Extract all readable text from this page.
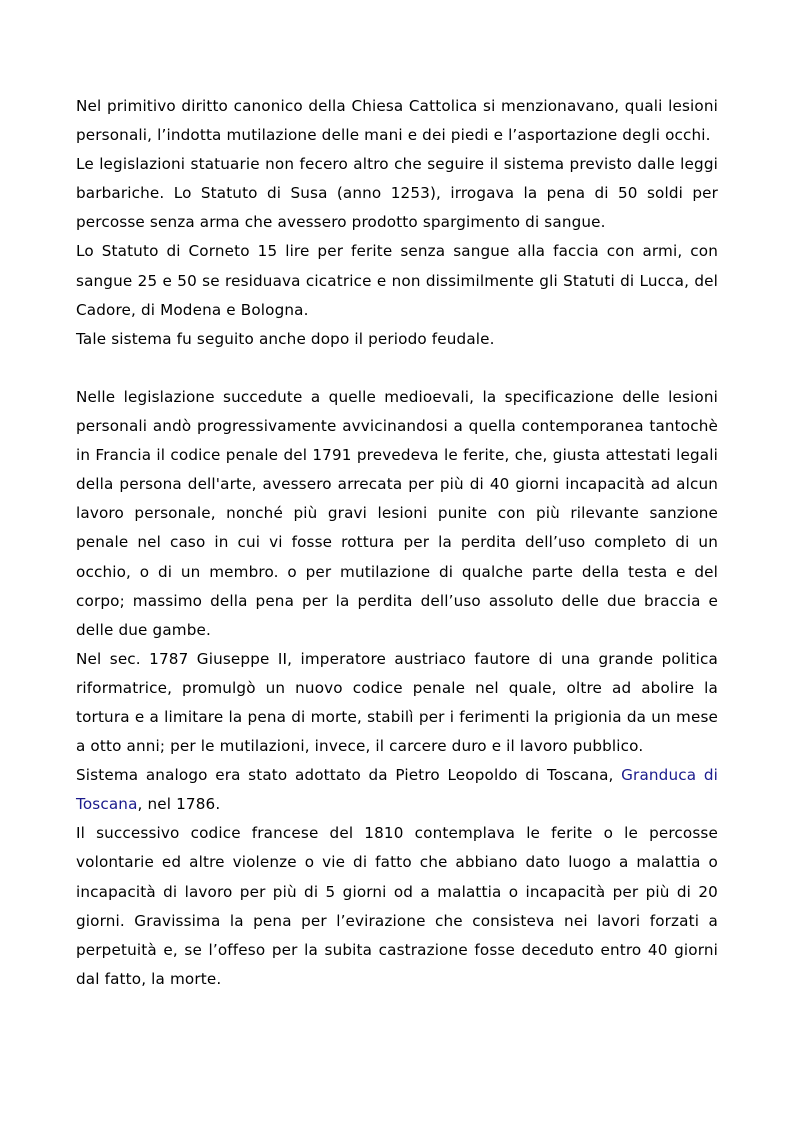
Nel primitivo diritto canonico della Chiesa Cattolica si menzionavano, quali lesioni personali, l’indotta mutilazione delle mani e dei piedi e l’asportazione degli occhi.

Le legislazioni statuarie non fecero altro che seguire il sistema previsto dalle leggi barbariche. Lo Statuto di Susa (anno 1253), irrogava la pena di 50 soldi per percosse senza arma che avessero prodotto spargimento di sangue.

Lo Statuto di Corneto 15 lire per ferite senza sangue alla faccia con armi, con sangue 25 e 50 se residuava cicatrice e non dissimilmente gli Statuti di Lucca, del Cadore, di Modena e Bologna.

Tale sistema fu seguito anche dopo il periodo feudale.

Nelle legislazione succedute a quelle medioevali, la specificazione delle lesioni personali andò progressivamente avvicinandosi a quella contemporanea tantochè in Francia il codice penale del 1791 prevedeva le ferite, che, giusta attestati legali della persona dell'arte, avessero arrecata per più di 40 giorni incapacità ad alcun lavoro personale, nonché più gravi lesioni punite con più rilevante sanzione penale nel caso in cui vi fosse rottura per la perdita dell’uso completo di un occhio, o di un membro. o per mutilazione di qualche parte della testa e del corpo; massimo della pena per la perdita dell’uso assoluto delle due braccia e delle due gambe.

Nel sec. 1787 Giuseppe II, imperatore austriaco fautore di una grande politica riformatrice, promulgò un nuovo codice penale nel quale, oltre ad abolire la tortura e a limitare la pena di morte, stabilì per i ferimenti la prigionia da un mese a otto anni; per le mutilazioni, invece, il carcere duro e il lavoro pubblico.

Sistema analogo era stato adottato da Pietro Leopoldo di Toscana, Granduca di Toscana, nel 1786.

Il successivo codice francese del 1810 contemplava le ferite o le percosse volontarie ed altre violenze o vie di fatto che abbiano dato luogo a malattia o incapacità di lavoro per più di 5 giorni od a malattia o incapacità per più di 20 giorni. Gravissima la pena per l’evirazione che consisteva nei lavori forzati a perpetuità e, se l’offeso per la subita castrazione fosse deceduto entro 40 giorni dal fatto, la morte.
